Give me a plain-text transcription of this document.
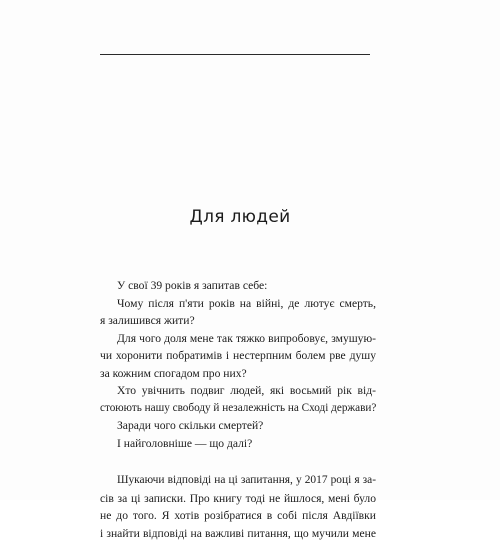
Для людей
У свої 39 років я запитав себе:
Чому після п'яти років на війні, де лютує смерть,
я залишився жити?
Для чого доля мене так тяжко випробовує, змушую-
чи хоронити побратимів і нестерпним болем рве душу
за кожним спогадом про них?
Хто увічнить подвиг людей, які восьмий рік від-
стоюють нашу свободу й незалежність на Сході держави?
Заради чого скільки смертей?
І найголовніше — що далі?
Шукаючи відповіді на ці запитання, у 2017 році я за-
сів за ці записки. Про книгу тоді не йшлося, мені було
не до того. Я хотів розібратися в собі після Авдіївки
і знайти відповіді на важливі питання, що мучили мене
